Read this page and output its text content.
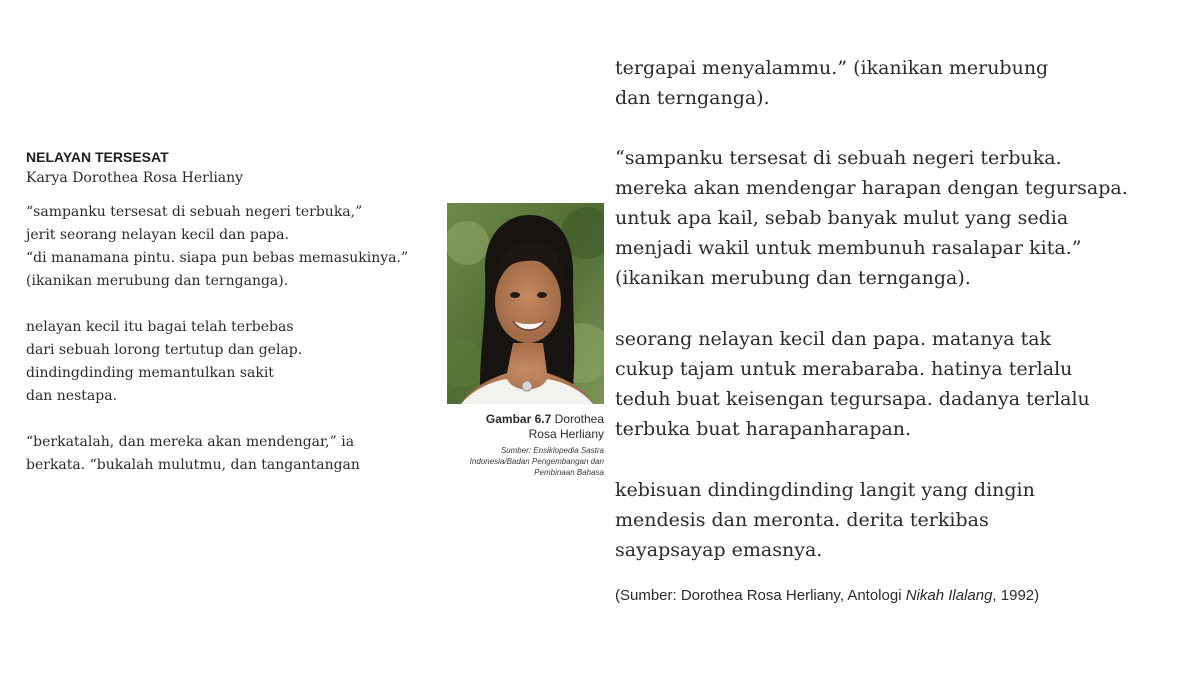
NELAYAN TERSESAT

Karya Dorothea Rosa Herliany

“sampanku tersesat di sebuah negeri terbuka,”
jerit seorang nelayan kecil dan papa.
“di manamana pintu. siapa pun bebas memasukinya.”
(ikanikan merubung dan ternganga).

nelayan kecil itu bagai telah terbebas
dari sebuah lorong tertutup dan gelap.
dindingdinding memantulkan sakit
dan nestapa.

“berkatalah, dan mereka akan mendengar,” ia
berkata. “bukalah mulutmu, dan tangantangan

Gambar 6.7 Dorothea
Rosa Herliany
Sumber: Ensiklopedia Sastra
Indonesia/Badan Pengembangan dan
Pembinaan Bahasa

tergapai menyalammu.” (ikanikan merubung
dan ternganga).

“sampanku tersesat di sebuah negeri terbuka.
mereka akan mendengar harapan dengan tegursapa.
untuk apa kail, sebab banyak mulut yang sedia
menjadi wakil untuk membunuh rasalapar kita.”
(ikanikan merubung dan ternganga).

seorang nelayan kecil dan papa. matanya tak
cukup tajam untuk merabaraba. hatinya terlalu
teduh buat keisengan tegursapa. dadanya terlalu
terbuka buat harapanharapan.

kebisuan dindingdinding langit yang dingin
mendesis dan meronta. derita terkibas
sayapsayap emasnya.

(Sumber: Dorothea Rosa Herliany, Antologi Nikah Ilalang, 1992)
